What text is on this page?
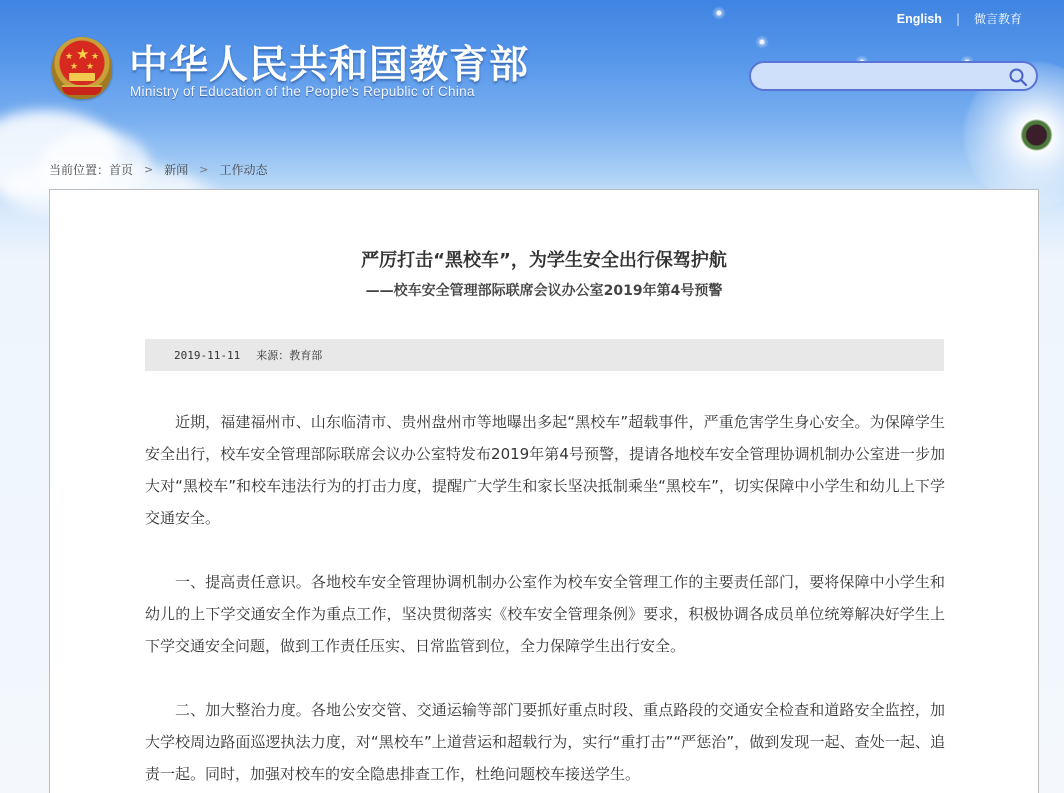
★
★ ★
★ ★ 中华人民共和国教育部
Ministry of Education of the People's Republic of China
English | 微言教育
当前位置： 首页 > 新闻 > 工作动态
严厉打击“黑校车”，为学生安全出行保驾护航
——校车安全管理部际联席会议办公室2019年第4号预警
2019-11-11 来源：教育部

近期，福建福州市、山东临清市、贵州盘州市等地曝出多起“黑校车”超载事件，严重危害学生身心安全。为保障学生安全出行，校车安全管理部际联席会议办公室特发布2019年第4号预警，提请各地校车安全管理协调机制办公室进一步加大对“黑校车”和校车违法行为的打击力度，提醒广大学生和家长坚决抵制乘坐“黑校车”，切实保障中小学生和幼儿上下学交通安全。

一、提高责任意识。各地校车安全管理协调机制办公室作为校车安全管理工作的主要责任部门，要将保障中小学生和幼儿的上下学交通安全作为重点工作，坚决贯彻落实《校车安全管理条例》要求，积极协调各成员单位统筹解决好学生上下学交通安全问题，做到工作责任压实、日常监管到位，全力保障学生出行安全。

二、加大整治力度。各地公安交管、交通运输等部门要抓好重点时段、重点路段的交通安全检查和道路安全监控，加大学校周边路面巡逻执法力度，对“黑校车”上道营运和超载行为，实行“重打击”“严惩治”，做到发现一起、查处一起、追责一起。同时，加强对校车的安全隐患排查工作，杜绝问题校车接送学生。
